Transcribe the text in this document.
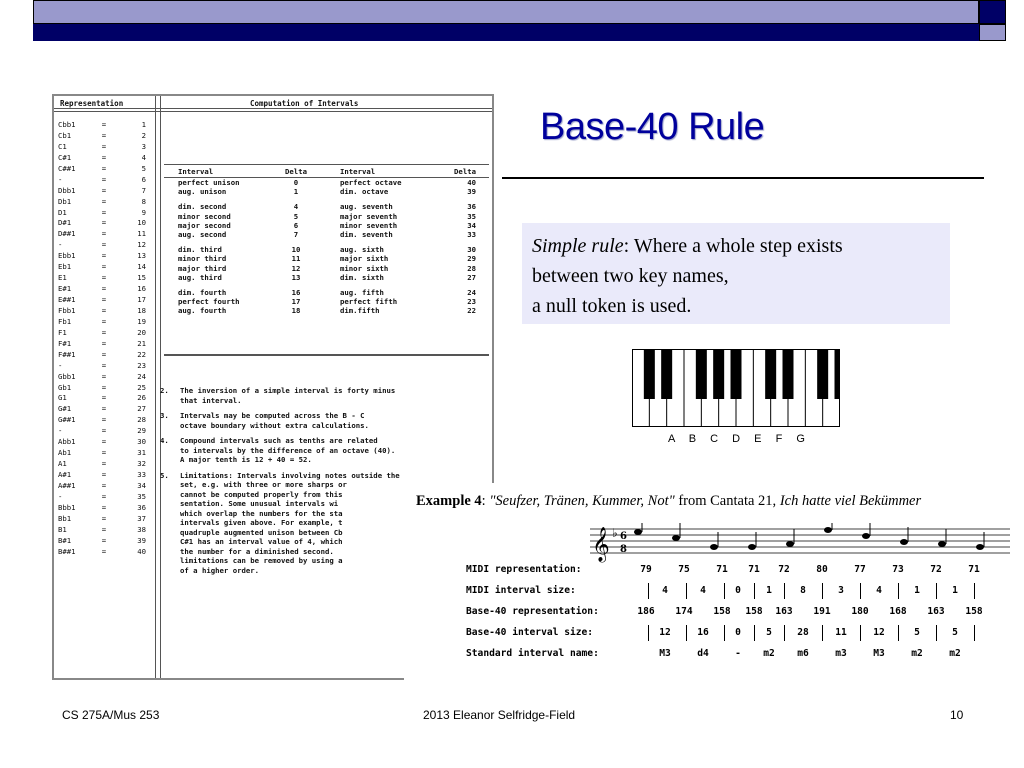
Base-40 Rule
Representation	Computation of Intervals
Cbb1	=	1
Cb1	=	2
C1	=	3
C#1	=	4
C##1	=	5
-	=	6
Dbb1	=	7
Db1	=	8
D1	=	9
D#1	=	10
D##1	=	11
-	=	12
Ebb1	=	13
Eb1	=	14
E1	=	15
E#1	=	16
E##1	=	17
Fbb1	=	18
Fb1	=	19
F1	=	20
F#1	=	21
F##1	=	22
-	=	23
Gbb1	=	24
Gb1	=	25
G1	=	26
G#1	=	27
G##1	=	28
-	=	29
Abb1	=	30
Ab1	=	31
A1	=	32
A#1	=	33
A##1	=	34
-	=	35
Bbb1	=	36
Bb1	=	37
B1	=	38
B#1	=	39
B##1	=	40
Interval	Delta	Interval	Delta
perfect unison	0	perfect octave	40
aug. unison	1	dim. octave	39
dim. second	4	aug. seventh	36
minor second	5	major seventh	35
major second	6	minor seventh	34
aug. second	7	dim. seventh	33
dim. third	10	aug. sixth	30
minor third	11	major sixth	29
major third	12	minor sixth	28
aug. third	13	dim. sixth	27
dim. fourth	16	aug. fifth	24
perfect fourth	17	perfect fifth	23
aug. fourth	18	dim.fifth	22
2.	The inversion of a simple interval is forty minus
that interval.
3.	Intervals may be computed across the B - C
octave boundary without extra calculations.
4.	Compound intervals such as tenths are related
to intervals by the difference of an octave (40).
A major tenth is 12 + 40 = 52.
5.	Limitations: Intervals involving notes outside the
set, e.g. with three or more sharps or
cannot be computed properly from this
sentation. Some unusual intervals wi
which overlap the numbers for the sta
intervals given above. For example, t
quadruple augmented unison between Cb
C#1 has an interval value of 4, which
the number for a diminished second.
limitations can be removed by using a
of a higher order.
Simple rule: Where a whole step exists
between two key names,
a null token is used.
A B C D E F G
Example 4: "Seufzer, Tränen, Kummer, Not" from Cantata 21, Ich hatte viel Bekümmer
𝄞 ♭ 6
8
MIDI representation:	79	75	71	71	72	80	77	73	72	71
MIDI interval size:	4	4	0	1	8	3	4	1	1
Base-40 representation:	186	174	158	158	163	191	180	168	163	158
Base-40 interval size:	12	16	0	5	28	11	12	5	5
Standard interval name:	M3	d4	-	m2	m6	m3	M3	m2	m2
CS 275A/Mus 253	2013 Eleanor Selfridge-Field	10
